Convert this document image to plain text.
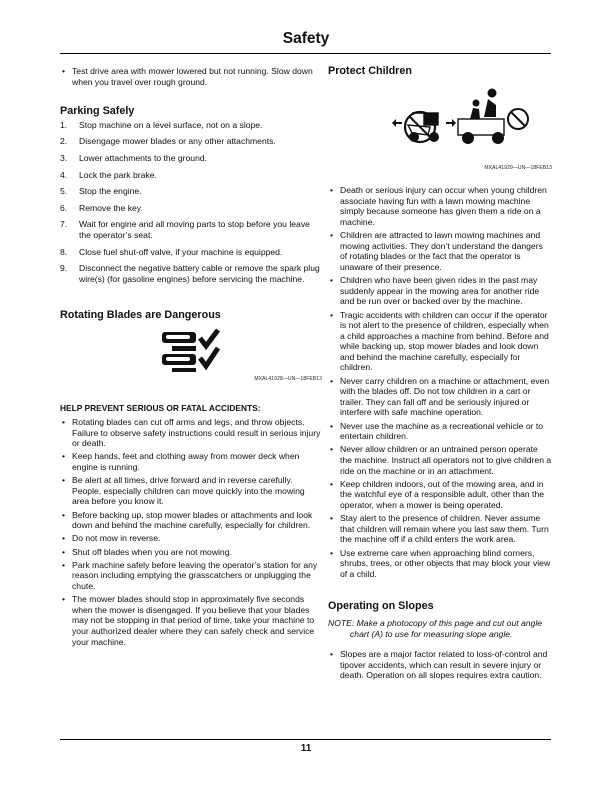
Safety
• Test drive area with mower lowered but not running. Slow down when you travel over rough ground.
Parking Safely
1. Stop machine on a level surface, not on a slope.
2. Disengage mower blades or any other attachments.
3. Lower attachments to the ground.
4. Lock the park brake.
5. Stop the engine.
6. Remove the key.
7. Wait for engine and all moving parts to stop before you leave the operator’s seat.
8. Close fuel shut-off valve, if your machine is equipped.
9. Disconnect the negative battery cable or remove the spark plug wire(s) (for gasoline engines) before servicing the machine.
Rotating Blades are Dangerous
MXAL41928—UN—18FEB13
HELP PREVENT SERIOUS OR FATAL ACCIDENTS:
• Rotating blades can cut off arms and legs, and throw objects. Failure to observe safety instructions could result in serious injury or death.
• Keep hands, feet and clothing away from mower deck when engine is running.
• Be alert at all times, drive forward and in reverse carefully. People, especially children can move quickly into the mowing area before you know it.
• Before backing up, stop mower blades or attachments and look down and behind the machine carefully, especially for children.
• Do not mow in reverse.
• Shut off blades when you are not mowing.
• Park machine safely before leaving the operator’s station for any reason including emptying the grasscatchers or unplugging the chute.
• The mower blades should stop in approximately five seconds when the mower is disengaged. If you believe that your blades may not be stopping in that period of time, take your machine to your authorized dealer where they can safely check and service your machine.
Protect Children
MXAL41929—UN—18FEB13
• Death or serious injury can occur when young children associate having fun with a lawn mowing machine simply because someone has given them a ride on a machine.
• Children are attracted to lawn mowing machines and mowing activities. They don’t understand the dangers of rotating blades or the fact that the operator is unaware of their presence.
• Children who have been given rides in the past may suddenly appear in the mowing area for another ride and be run over or backed over by the machine.
• Tragic accidents with children can occur if the operator is not alert to the presence of children, especially when a child approaches a machine from behind. Before and while backing up, stop mower blades and look down and behind the machine carefully, especially for children.
• Never carry children on a machine or attachment, even with the blades off. Do not tow children in a cart or trailer. They can fall off and be seriously injured or interfere with safe machine operation.
• Never use the machine as a recreational vehicle or to entertain children.
• Never allow children or an untrained person operate the machine. Instruct all operators not to give children a ride on the machine or in an attachment.
• Keep children indoors, out of the mowing area, and in the watchful eye of a responsible adult, other than the operator, when a mower is being operated.
• Stay alert to the presence of children. Never assume that children will remain where you last saw them. Turn the machine off if a child enters the work area.
• Use extreme care when approaching blind corners, shrubs, trees, or other objects that may block your view of a child.
Operating on Slopes
NOTE: Make a photocopy of this page and cut out angle chart (A) to use for measuring slope angle.
• Slopes are a major factor related to loss-of-control and tipover accidents, which can result in severe injury or death. Operation on all slopes requires extra caution.
11
